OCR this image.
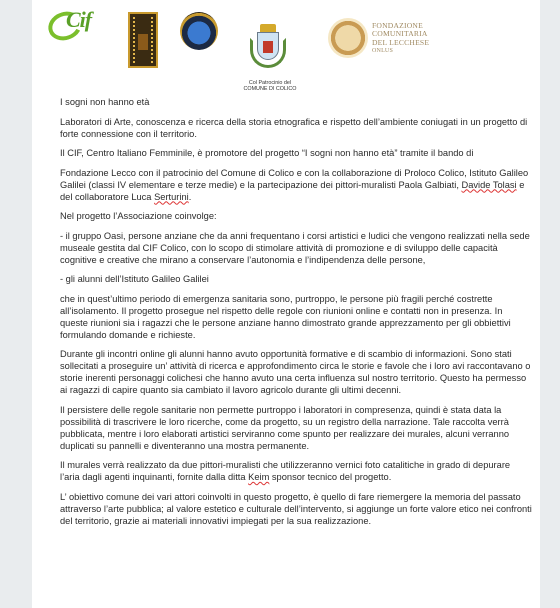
Cif
Col Patrocinio del
COMUNE DI COLICO
FONDAZIONE
COMUNITARIA
DEL LECCHESE
ONLUS

I sogni non hanno età

Laboratori di Arte, conoscenza e ricerca della storia etnografica e rispetto dell’ambiente coniugati in un progetto di forte connessione con il territorio.

Il CIF, Centro Italiano Femminile, è promotore del progetto “I sogni non hanno età” tramite il bando di

Fondazione Lecco con il patrocinio del Comune di Colico e con la collaborazione di Proloco Colico, Istituto Galileo Galilei (classi IV elementare e terze medie) e la partecipazione dei pittori-muralisti Paola Galbiati, Davide Tolasi e del collaboratore Luca Serturini.

Nel progetto l’Associazione coinvolge:

- il gruppo Oasi, persone anziane che da anni frequentano i corsi artistici e ludici che vengono realizzati nella sede museale gestita dal CIF Colico, con lo scopo di stimolare attività di promozione e di sviluppo delle capacità cognitive e creative che mirano a conservare l’autonomia e l’indipendenza delle persone,

- gli alunni dell’Istituto Galileo Galilei

che in quest’ultimo periodo di emergenza sanitaria sono, purtroppo, le persone più fragili perché costrette all’isolamento. Il progetto prosegue nel rispetto delle regole con riunioni online e contatti non in presenza. In queste riunioni sia i ragazzi che le persone anziane hanno dimostrato grande apprezzamento per gli obbiettivi formulando domande e richieste.

Durante gli incontri online gli alunni hanno avuto opportunità formative e di scambio di informazioni. Sono stati sollecitati a proseguire un’ attività di ricerca e approfondimento circa le storie e favole che i loro avi raccontavano o storie inerenti personaggi colichesi che hanno avuto una certa influenza sul nostro territorio. Questo ha permesso ai ragazzi di capire quanto sia cambiato il lavoro agricolo durante gli ultimi decenni.

Il persistere delle regole sanitarie non permette purtroppo i laboratori in compresenza, quindi è stata data la possibilità di trascrivere le loro ricerche, come da progetto, su un registro della narrazione. Tale raccolta verrà pubblicata, mentre i loro elaborati artistici serviranno come spunto per realizzare dei murales, alcuni verranno duplicati su pannelli e diventeranno una mostra permanente.

Il murales verrà realizzato da due pittori-muralisti che utilizzeranno vernici foto catalitiche in grado di depurare l’aria dagli agenti inquinanti, fornite dalla ditta Keim sponsor tecnico del progetto.

L’ obiettivo comune dei vari attori coinvolti in questo progetto, è quello di fare riemergere la memoria del passato attraverso l’arte pubblica; al valore estetico e culturale dell’intervento, si aggiunge un forte valore etico nei confronti del territorio, grazie ai materiali innovativi impiegati per la sua realizzazione.
